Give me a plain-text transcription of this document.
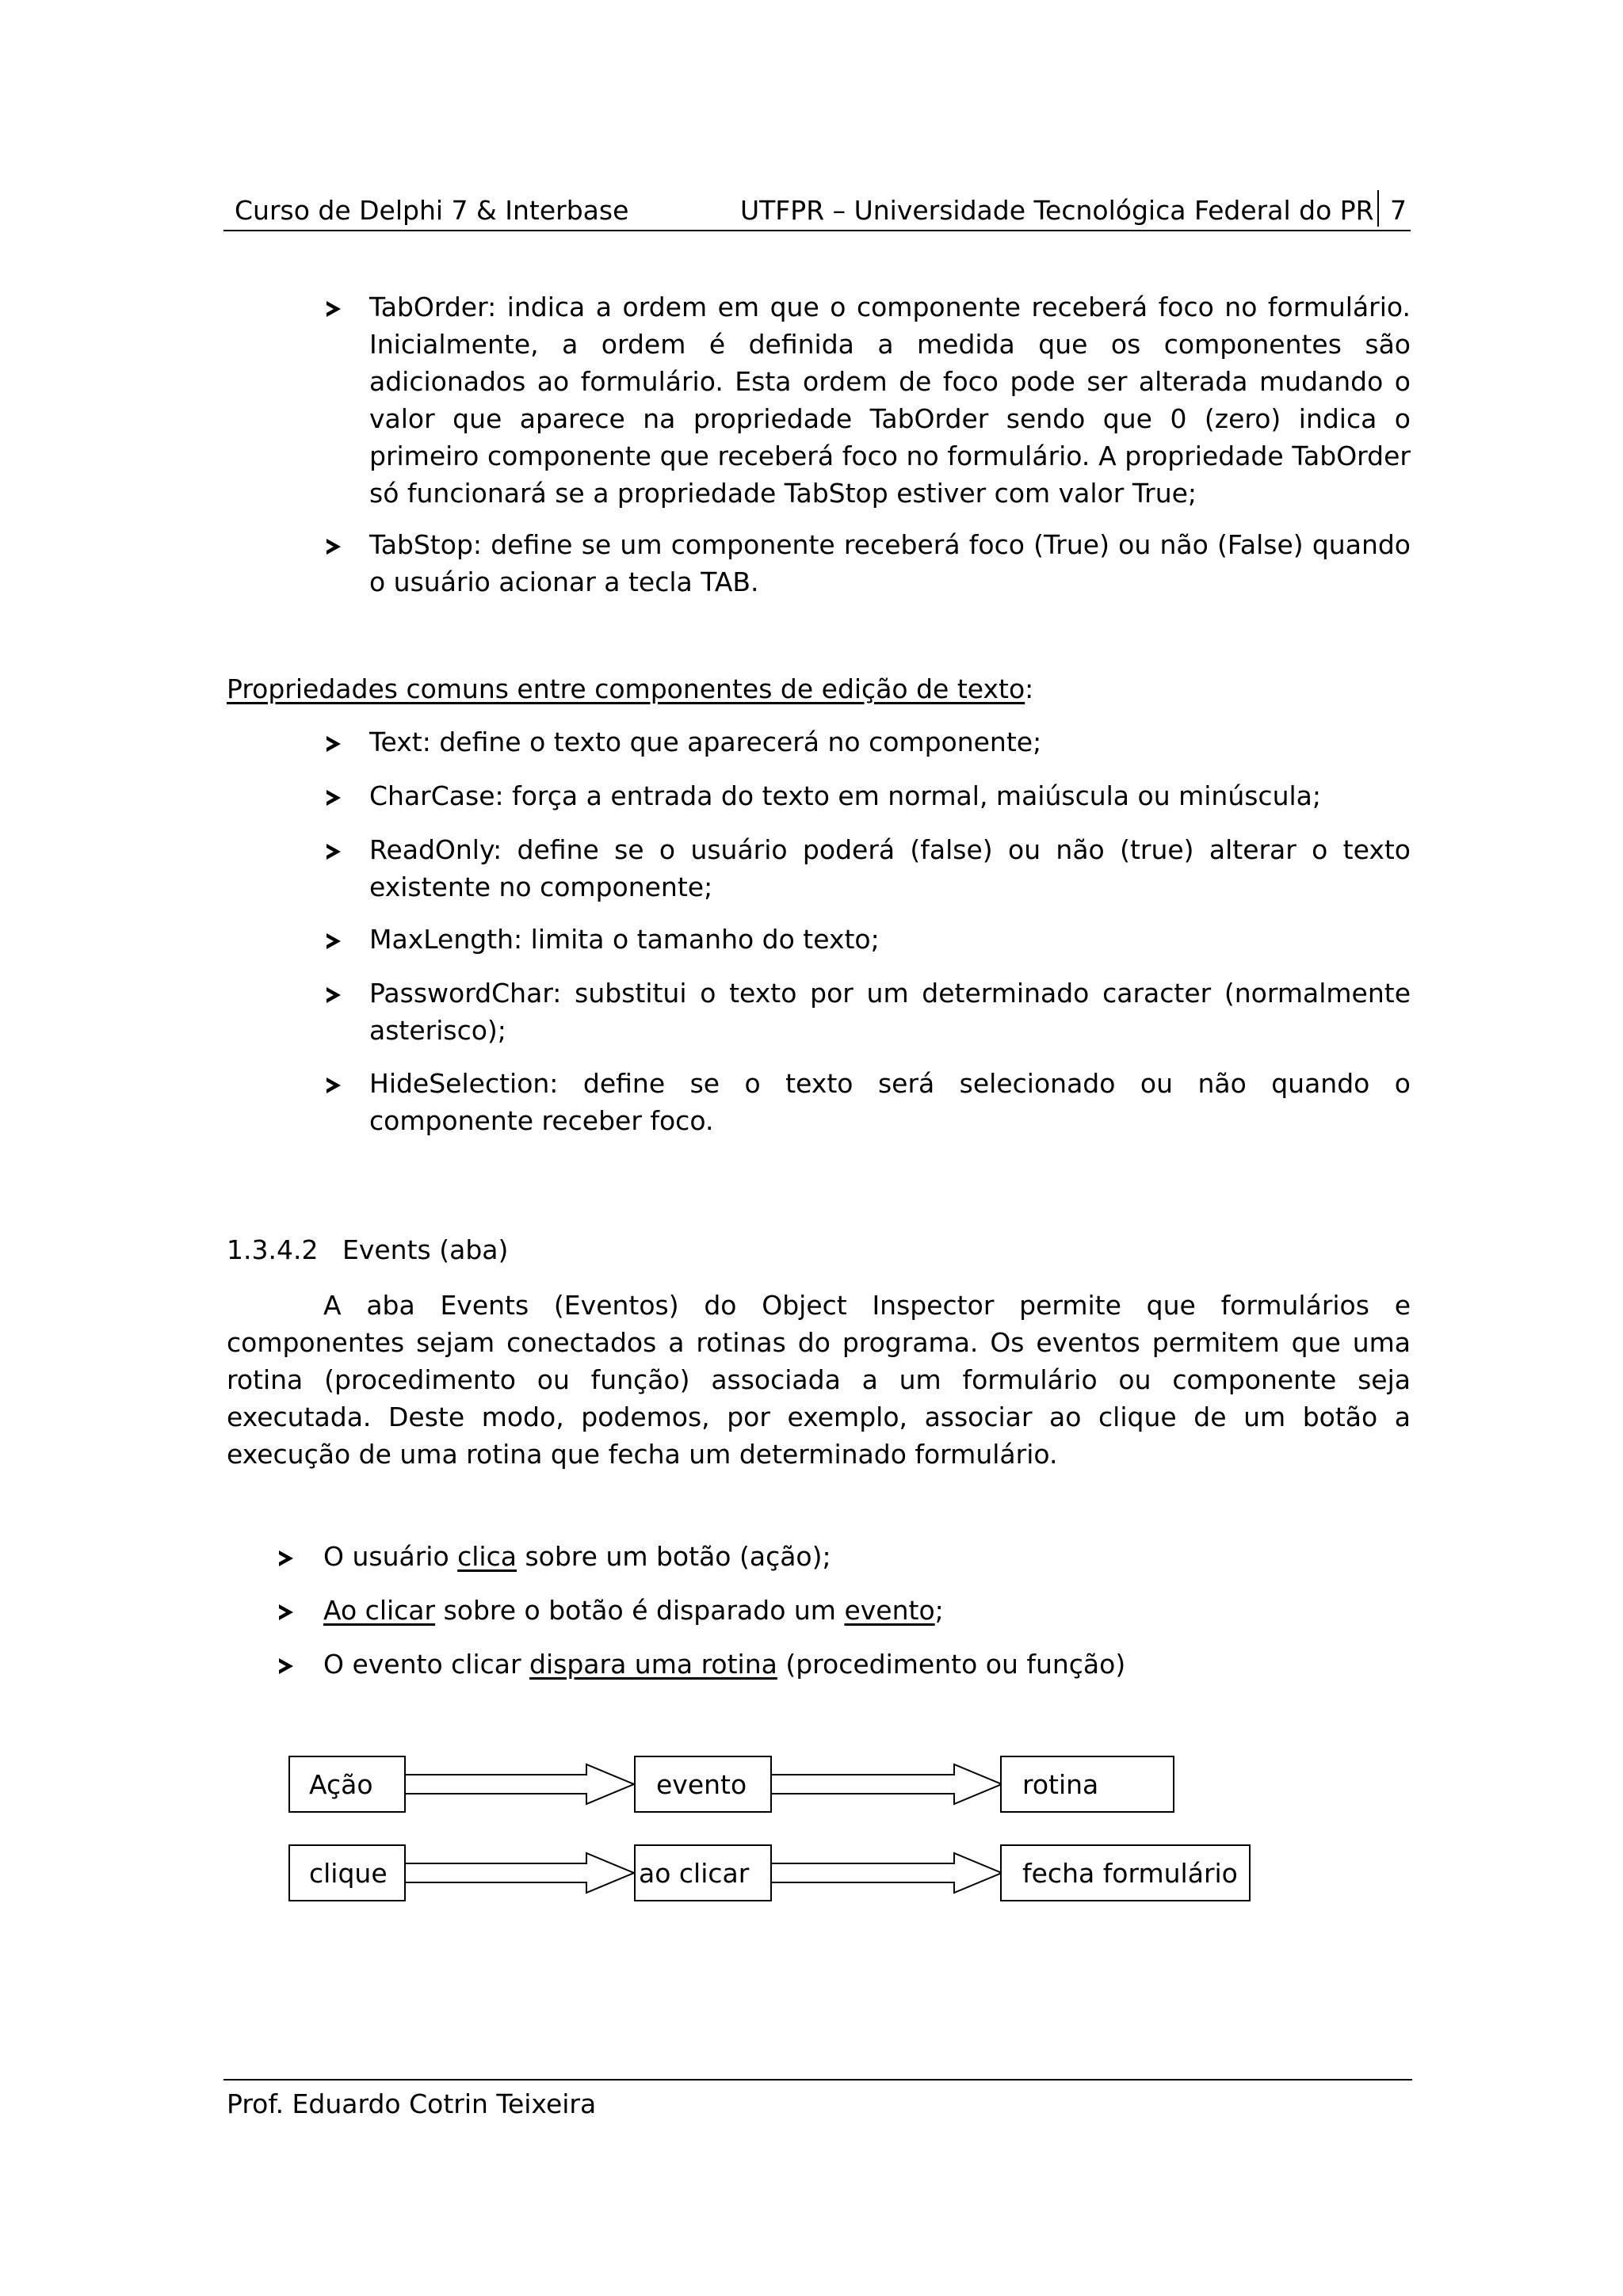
Curso de Delphi 7 & Interbase	UTFPR – Universidade Tecnológica Federal do PR 7
TabOrder: indica a ordem em que o componente receberá foco no formulário. Inicialmente, a ordem é definida a medida que os componentes são adicionados ao formulário. Esta ordem de foco pode ser alterada mudando o valor que aparece na propriedade TabOrder sendo que 0 (zero) indica o primeiro componente que receberá foco no formulário. A propriedade TabOrder só funcionará se a propriedade TabStop estiver com valor True;
TabStop: define se um componente receberá foco (True) ou não (False) quando o usuário acionar a tecla TAB.
Propriedades comuns entre componentes de edição de texto:
Text: define o texto que aparecerá no componente;
CharCase: força a entrada do texto em normal, maiúscula ou minúscula;
ReadOnly: define se o usuário poderá (false) ou não (true) alterar o texto existente no componente;
MaxLength: limita o tamanho do texto;
PasswordChar: substitui o texto por um determinado caracter (normalmente asterisco);
HideSelection: define se o texto será selecionado ou não quando o componente receber foco.
1.3.4.2 Events (aba)
A aba Events (Eventos) do Object Inspector permite que formulários e componentes sejam conectados a rotinas do programa. Os eventos permitem que uma rotina (procedimento ou função) associada a um formulário ou componente seja executada. Deste modo, podemos, por exemplo, associar ao clique de um botão a execução de uma rotina que fecha um determinado formulário.
O usuário clica sobre um botão (ação);
Ao clicar sobre o botão é disparado um evento;
O evento clicar dispara uma rotina (procedimento ou função)
Ação	evento	rotina
clique	ao clicar	fecha formulário
Prof. Eduardo Cotrin Teixeira
